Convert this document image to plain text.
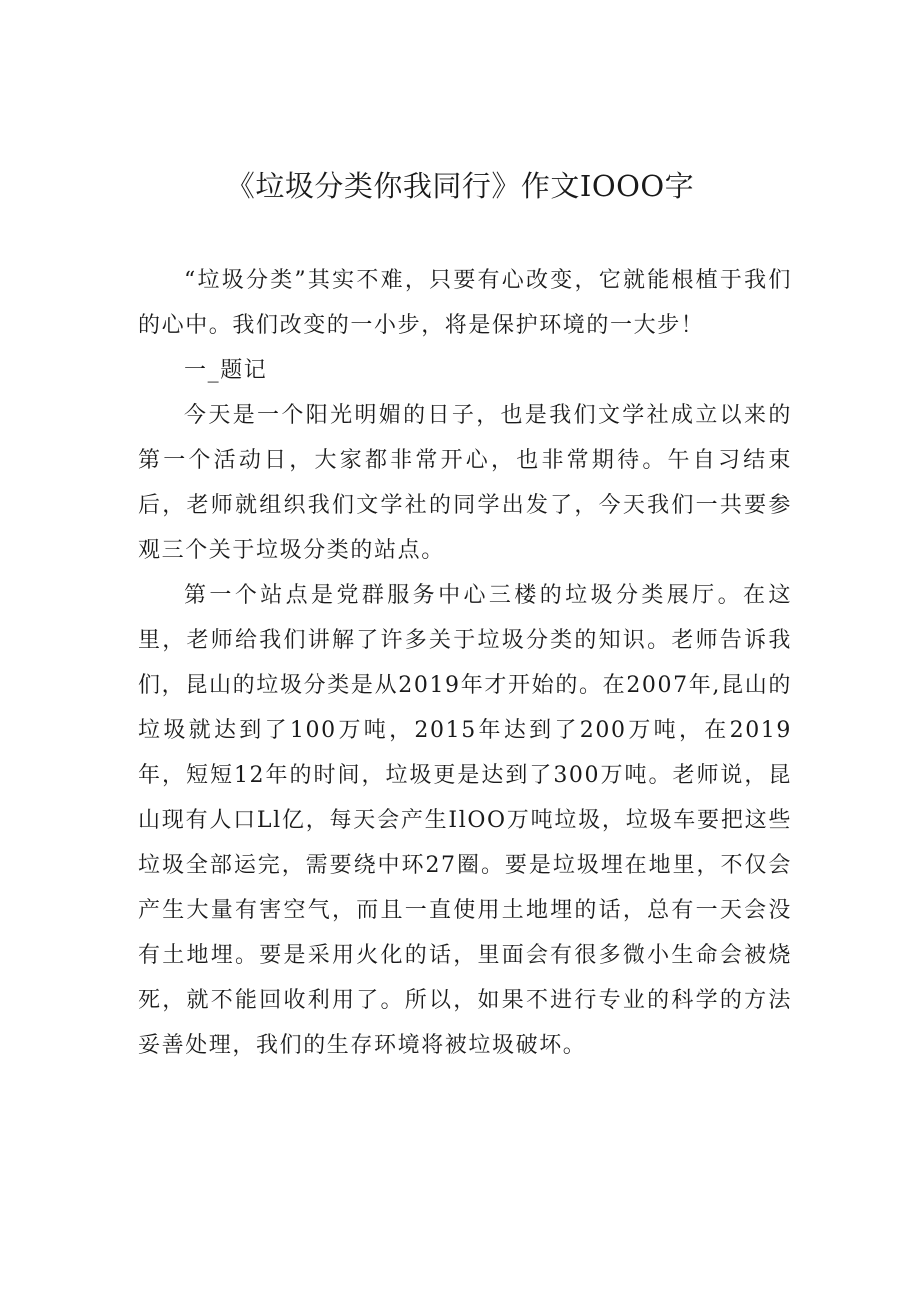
《垃圾分类你我同行》作文IOOO字

“垃圾分类”其实不难，只要有心改变，它就能根植于我们的心中。我们改变的一小步，将是保护环境的一大步！

一_题记

今天是一个阳光明媚的日子，也是我们文学社成立以来的第一个活动日，大家都非常开心，也非常期待。午自习结束后，老师就组织我们文学社的同学出发了，今天我们一共要参观三个关于垃圾分类的站点。

第一个站点是党群服务中心三楼的垃圾分类展厅。在这里，老师给我们讲解了许多关于垃圾分类的知识。老师告诉我们，昆山的垃圾分类是从2019年才开始的。在2007年,昆山的垃圾就达到了100万吨，2015年达到了200万吨，在2019年，短短12年的时间，垃圾更是达到了300万吨。老师说，昆山现有人口Ll亿，每天会产生IlOO万吨垃圾，垃圾车要把这些垃圾全部运完，需要绕中环27圈。要是垃圾埋在地里，不仅会产生大量有害空气，而且一直使用土地埋的话，总有一天会没有土地埋。要是采用火化的话，里面会有很多微小生命会被烧死，就不能回收利用了。所以，如果不进行专业的科学的方法妥善处理，我们的生存环境将被垃圾破坏。
